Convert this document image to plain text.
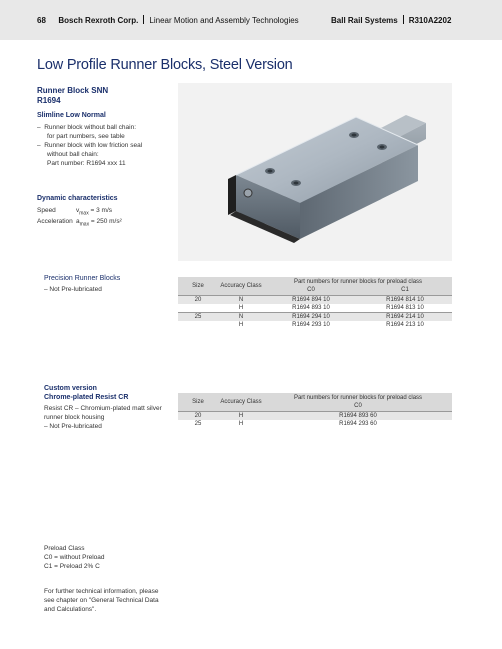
68 Bosch Rexroth Corp. Linear Motion and Assembly Technologies	Ball Rail Systems R310A2202
Low Profile Runner Blocks, Steel Version
Runner Block SNN
R1694
Slimline Low Normal
–  Runner block without ball chain:
for part numbers, see table
–  Runner block with low friction seal
without ball chain:
Part number: R1694 xxx 11
Dynamic characteristics
Speed	$v_{max} = 3$ m/s
Acceleration $a_{max} = 250$ m/s²
Precision Runner Blocks
– Not Pre-lubricated	Size	Accuracy Class	Part numbers for runner blocks for preload class	
		C0	C1
20	N	R1694 894 10	R1694 814 10
	H	R1694 893 10	R1694 813 10
25	N	R1694 294 10	R1694 214 10
	H	R1694 293 10	R1694 213 10
Custom version
Chrome-plated Resist CR
Resist CR – Chromium-plated matt silver
runner block housing
– Not Pre-lubricated
Size	Accuracy Class	Part numbers for runner blocks for preload class
		C0
20	H	R1694 893 60
25	H	R1694 293 60
Preload Class
C0 = without Preload
C1 = Preload 2% C
For further technical information, please
see chapter on "General Technical Data
and Calculations".
